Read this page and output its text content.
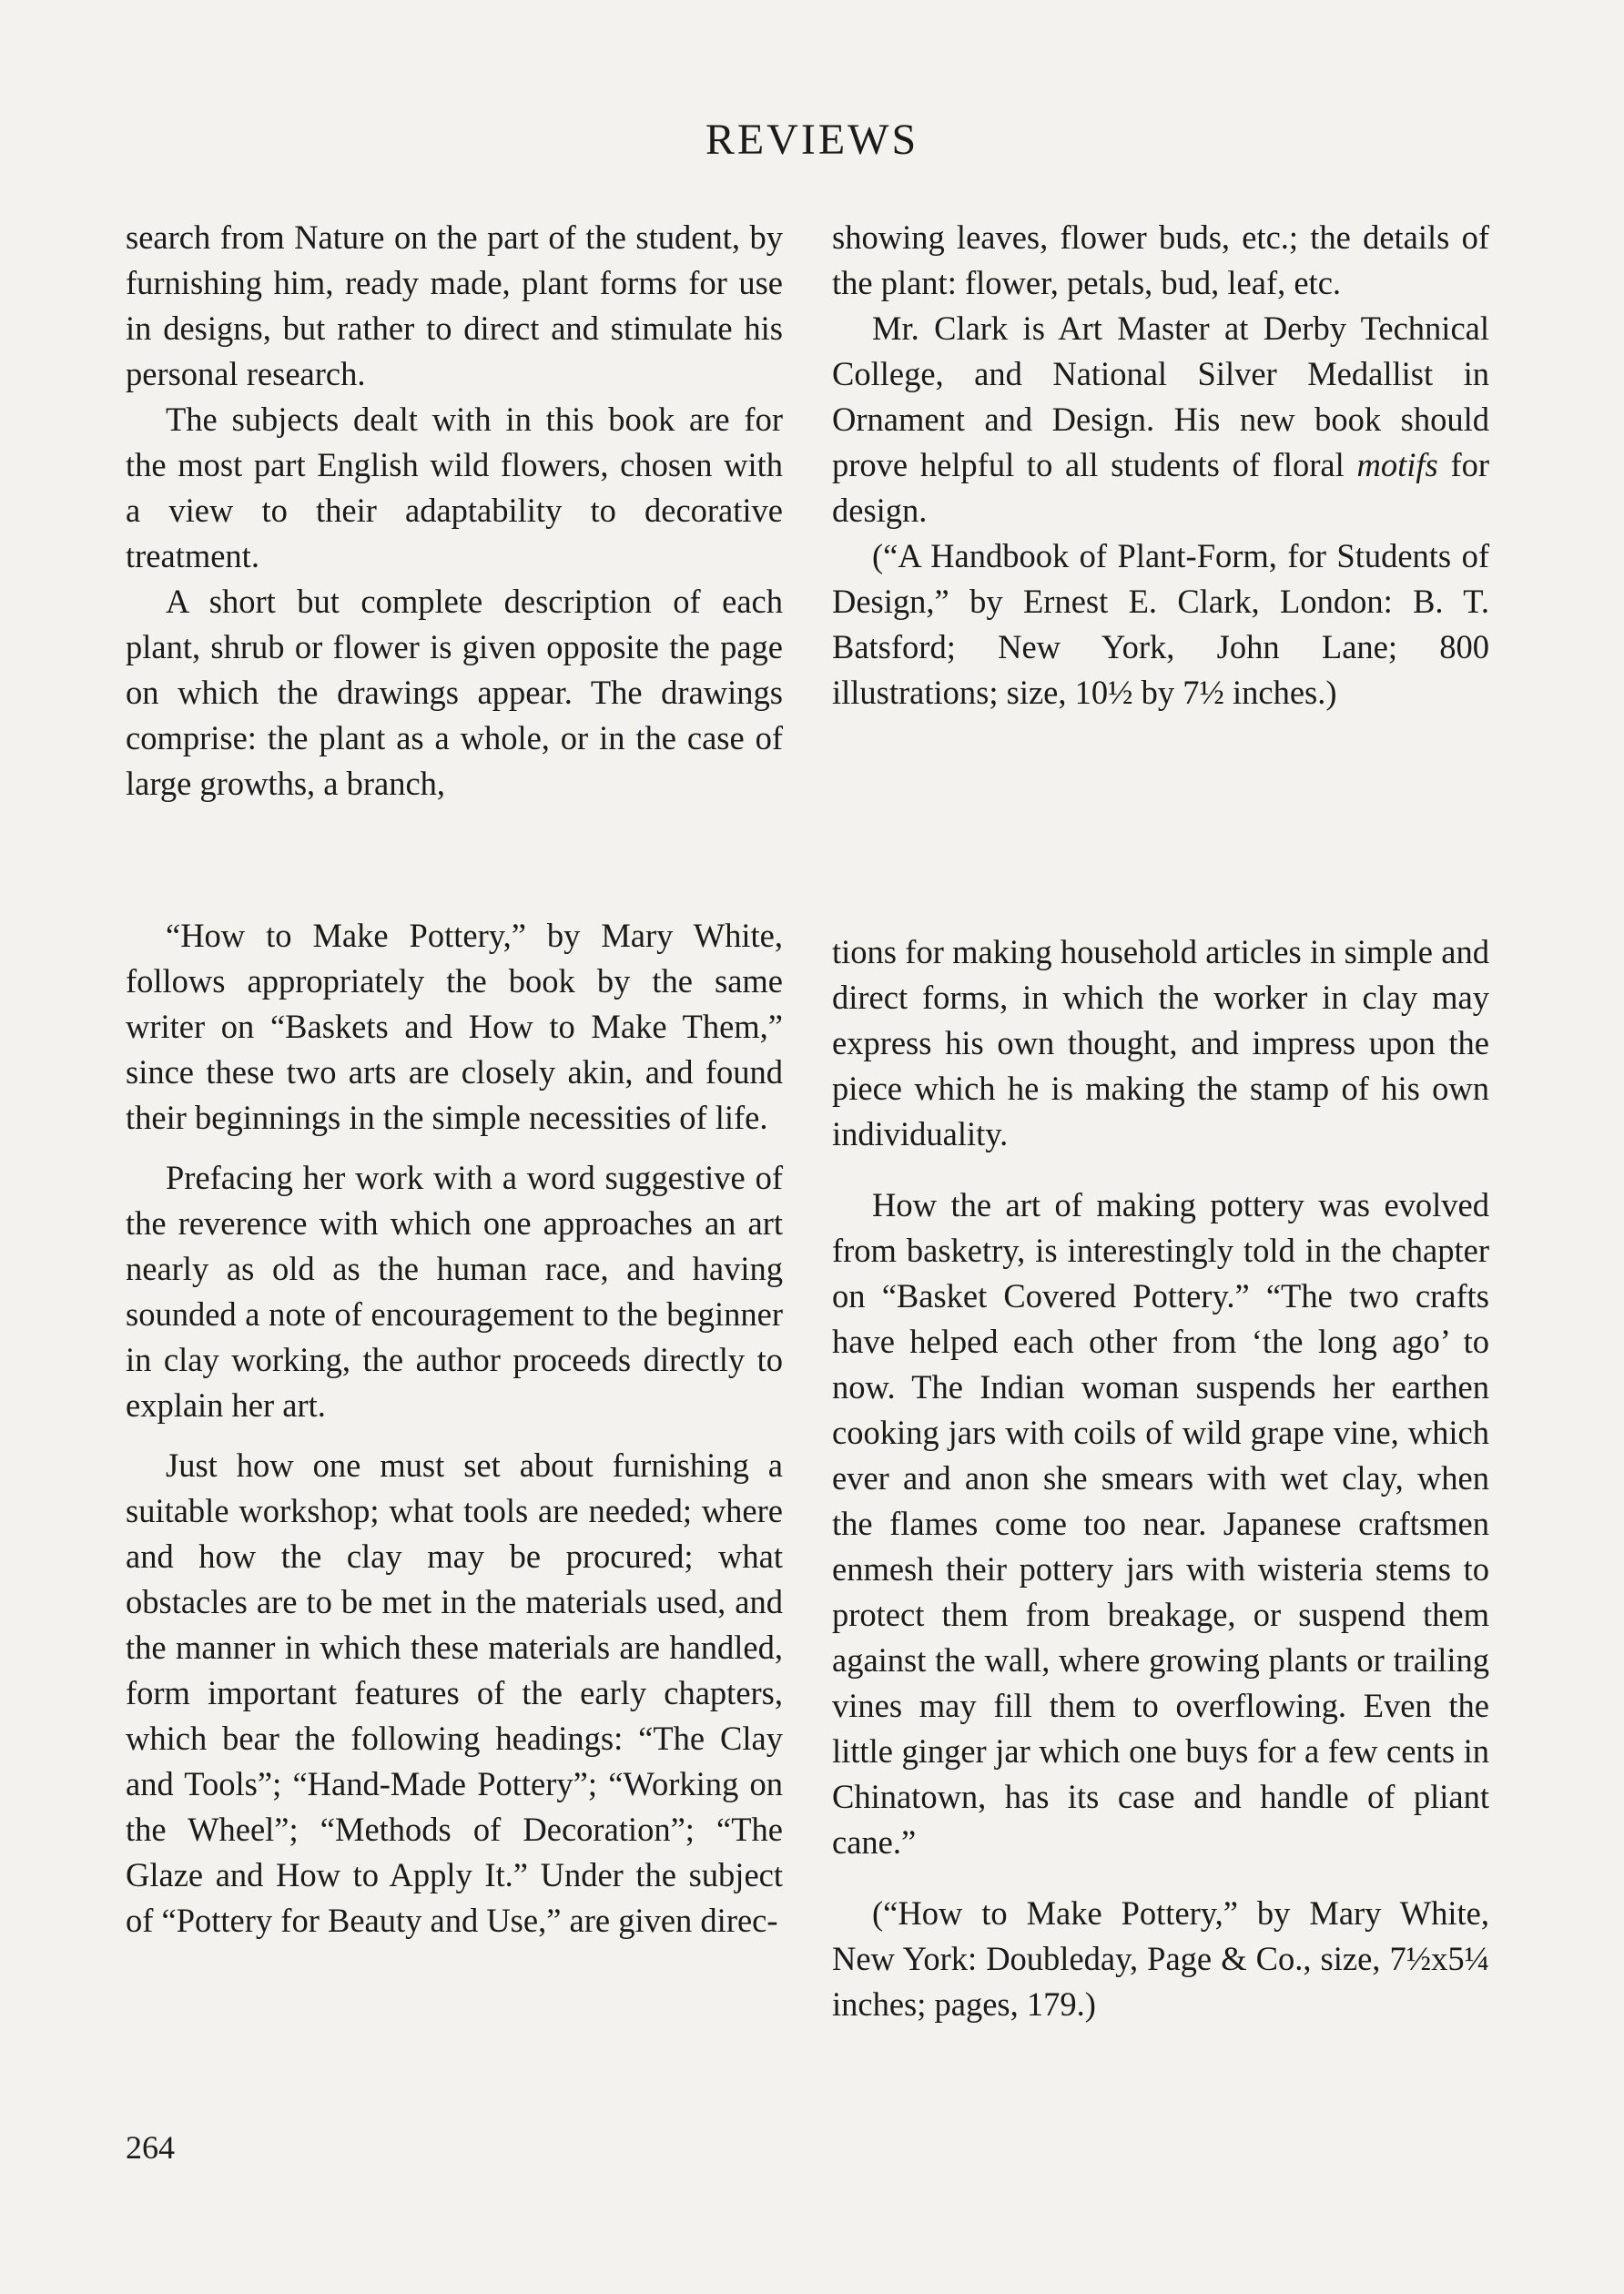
REVIEWS

search from Nature on the part of the student, by furnishing him, ready made, plant forms for use in designs, but rather to direct and stimulate his personal research.

The subjects dealt with in this book are for the most part English wild flowers, chosen with a view to their adaptability to decorative treatment.

A short but complete description of each plant, shrub or flower is given opposite the page on which the drawings appear. The drawings comprise: the plant as a whole, or in the case of large growths, a branch,

showing leaves, flower buds, etc.; the details of the plant: flower, petals, bud, leaf, etc.

Mr. Clark is Art Master at Derby Technical College, and National Silver Medallist in Ornament and Design. His new book should prove helpful to all students of floral motifs for design.

(“A Handbook of Plant-Form, for Students of Design,” by Ernest E. Clark, London: B. T. Batsford; New York, John Lane; 800 illustrations; size, 10½ by 7½ inches.)

“How to Make Pottery,” by Mary White, follows appropriately the book by the same writer on “Baskets and How to Make Them,” since these two arts are closely akin, and found their beginnings in the simple necessities of life.

Prefacing her work with a word suggestive of the reverence with which one approaches an art nearly as old as the human race, and having sounded a note of encouragement to the beginner in clay working, the author proceeds directly to explain her art.

Just how one must set about furnishing a suitable workshop; what tools are needed; where and how the clay may be procured; what obstacles are to be met in the materials used, and the manner in which these materials are handled, form important features of the early chapters, which bear the following headings: “The Clay and Tools”; “Hand-Made Pottery”; “Working on the Wheel”; “Methods of Decoration”; “The Glaze and How to Apply It.” Under the subject of “Pottery for Beauty and Use,” are given direc-

tions for making household articles in simple and direct forms, in which the worker in clay may express his own thought, and impress upon the piece which he is making the stamp of his own individuality.

How the art of making pottery was evolved from basketry, is interestingly told in the chapter on “Basket Covered Pottery.” “The two crafts have helped each other from ‘the long ago’ to now. The Indian woman suspends her earthen cooking jars with coils of wild grape vine, which ever and anon she smears with wet clay, when the flames come too near. Japanese craftsmen enmesh their pottery jars with wisteria stems to protect them from breakage, or suspend them against the wall, where growing plants or trailing vines may fill them to overflowing. Even the little ginger jar which one buys for a few cents in Chinatown, has its case and handle of pliant cane.”

(“How to Make Pottery,” by Mary White, New York: Doubleday, Page & Co., size, 7½x5¼ inches; pages, 179.)

264
